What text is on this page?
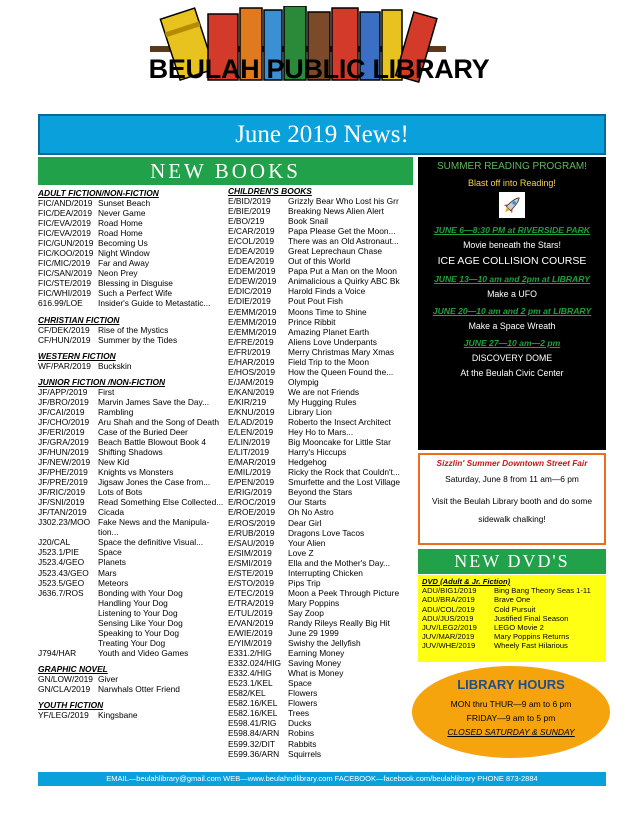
BEULAH PUBLIC LIBRARY
June 2019 News!
NEW BOOKS
ADULT FICTION/NON-FICTION
FIC/AND/2019 Sunset Beach
FIC/DEA/2019 Never Game
FIC/EVA/2019 Road Home
FIC/EVA/2019 Road Home
FIC/GUN/2019 Becoming Us
FIC/KOO/2019 Night Window
FIC/MIC/2019 Far and Away
FIC/SAN/2019 Neon Prey
FIC/STE/2019 Blessing in Disguise
FIC/WHI/2019 Such a Perfect Wife
616.99/LOE	Insider's Guide to Metastatic...
CHRISTIAN FICTION
CF/DEK/2019 Rise of the Mystics
CF/HUN/2019 Summer by the Tides
WESTERN FICTION
WF/PAR/2019 Buckskin
JUNIOR FICTION /NON-FICTION
JF/APP/2019	First
JF/BRO/2019	Marvin James Save the Day...
JF/CAI/2019	Rambling
JF/CHO/2019	Aru Shah and the Song of Death
JF/ERI/2019	Case of the Buried Deer
JF/GRA/2019	Beach Battle Blowout Book 4
JF/HUN/2019	Shifting Shadows
JF/NEW/2019 New Kid
JF/PHE/2019	Knights vs Monsters
JF/PRE/2019	Jigsaw Jones the Case from...
JF/RIC/2019	Lots of Bots
JF/SNI/2019	Read Something Else Collected...
JF/TAN/2019	Cicada
J302.23/MOO Fake News and the Manipula-
tion...
J20/CAL	Space the definitive Visual...
J523.1/PIE	Space
J523.4/GEO	Planets
J523.43/GEO	Mars
J523.5/GEO	Meteors
J636.7/ROS	Bonding with Your Dog
Handling Your Dog
Listening to Your Dog
Sensing Like Your Dog
Speaking to Your Dog
Treating Your Dog
J794/HAR	Youth and Video Games
GRAPHIC NOVEL
GN/LOW/2019 Giver
GN/CLA/2019 Narwhals Otter Friend
YOUTH FICTION
YF/LEG/2019	Kingsbane
CHILDREN'S BOOKS
E/BID/2019	Grizzly Bear Who Lost his Grr
E/BIE/2019	Breaking News Alien Alert
E/BO/219	Book Snail
E/CAR/2019	Papa Please Get the Moon...
E/COL/2019	There was an Old Astronaut...
E/DEA/2019	Great Leprechaun Chase
E/DEA/2019	Out of this World
E/DEM/2019	Papa Put a Man on the Moon
E/DEW/2019	Animalicious a Quirky ABC Bk
E/DIC/2019	Harold Finds a Voice
E/DIE/2019	Pout Pout Fish
E/EMM/2019	Moons Time to Shine
E/EMM/2019	Prince Ribbit
E/EMM/2019	Amazing Planet Earth
E/FRE/2019	Aliens Love Underpants
E/FRI/2019	Merry Christmas Mary Xmas
E/HAR/2019	Field Trip to the Moon
E/HOS/2019	How the Queen Found the...
E/JAM/2019	Olympig
E/KAN/2019	We are not Friends
E/KIR/219	My Hugging Rules
E/KNU/2019	Library Lion
E/LAD/2019	Roberto the Insect Architect
E/LEN/2019	Hey Ho to Mars...
E/LIN/2019	Big Mooncake for Little Star
E/LIT/2019	Harry's Hiccups
E/MAR/2019	Hedgehog
E/MIL/2019	Ricky the Rock that Couldn't...
E/PEN/2019	Smurfette and the Lost Village
E/RIG/2019	Beyond the Stars
E/ROC/2019	Our Starts
E/ROE/2019	Oh No Astro
E/ROS/2019	Dear Girl
E/RUB/2019	Dragons Love Tacos
E/SAU/2019	Your Alien
E/SIM/2019	Love Z
E/SMI/2019	Ella and the Mother's Day...
E/STE/2019	Interrupting Chicken
E/STO/2019	Pips Trip
E/TEC/2019	Moon a Peek Through Picture
E/TRA/2019	Mary Poppins
E/TUL/2019	Say Zoop
E/VAN/2019	Randy Rileys Really Big Hit
E/WIE/2019	June 29 1999
E/YIM/2019	Swishy the Jellyfish
E331.2/HIG	Earning Money
E332.024/HIG Saving Money
E332.4/HIG	What is Money
E523.1/KEL	Space
E582/KEL	Flowers
E582.16/KEL	Flowers
E582.16/KEL	Trees
E598.41/RIG	Ducks
E598.84/ARN	Robins
E599.32/DIT	Rabbits
E599.36/ARN	Squirrels
SUMMER READING PROGRAM!
Blast off into Reading!
JUNE 6—8:30 PM at RIVERSIDE PARK
Movie beneath the Stars!
ICE AGE COLLISION COURSE
JUNE 13—10 am and 2pm at LIBRARY
Make a UFO
JUNE 20—10 am and 2 pm at LIBRARY
Make a Space Wreath
JUNE 27—10 am—2 pm
DISCOVERY DOME
At the Beulah Civic Center
Sizzlin' Summer Downtown Street Fair
Saturday, June 8 from 11 am—6 pm
Visit the Beulah Library booth and do some sidewalk chalking!
NEW DVD'S
DVD (Adult & Jr. Fiction)
ADU/BIG1/2019	Bing Bang Theory Seas 1-11
ADU/BRA/2019	Brave One
ADU/COL/2019	Cold Pursuit
ADU/JUS/2019	Justified Final Season
JUV/LEG2/2019	LEGO Movie 2
JUV/MAR/2019	Mary Poppins Returns
JUV/WHE/2019	Wheely Fast Hilarious
LIBRARY HOURS
MON thru THUR—9 am to 6 pm
FRIDAY—9 am to 5 pm
CLOSED SATURDAY & SUNDAY
EMAIL—beulahlibrary@gmail.com WEB—www.beulahndlibrary.com FACEBOOK—facebook.com/beulahlibrary PHONE 873-2884
